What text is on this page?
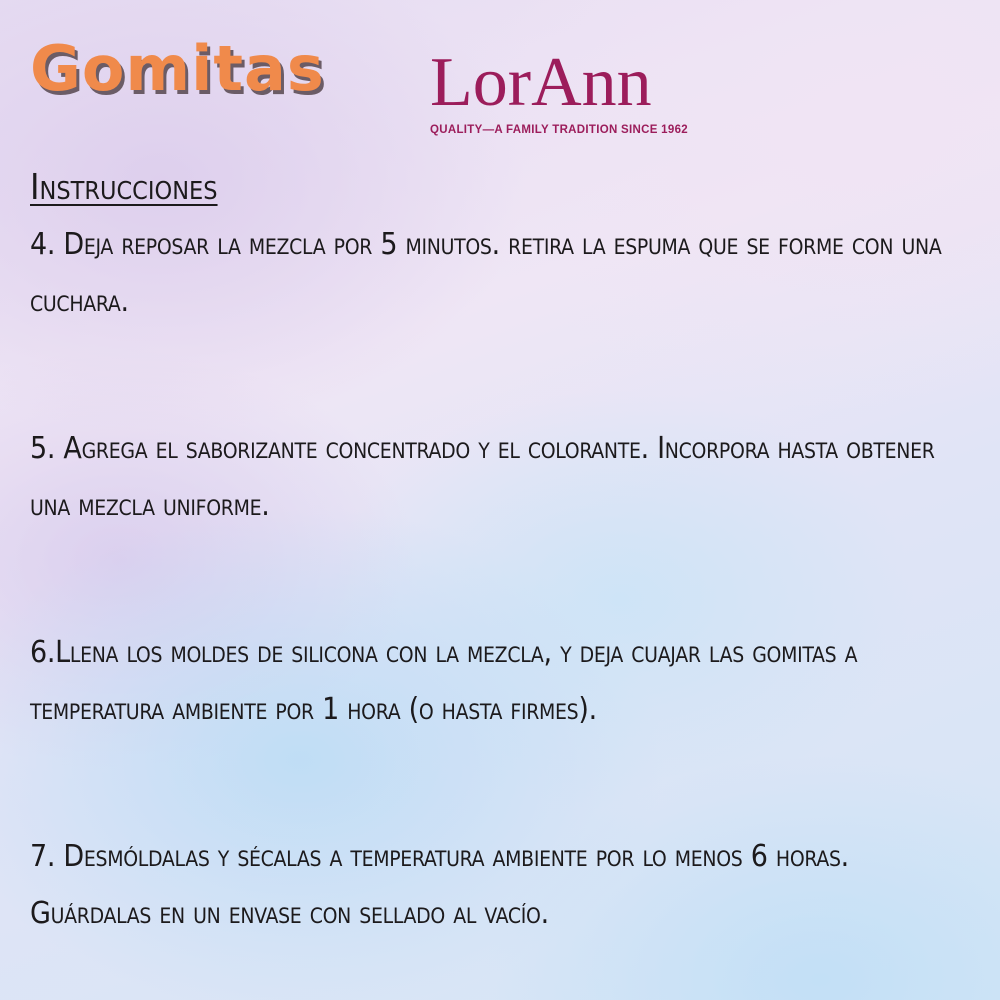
Gomitas LorAnn
QUALITY—A FAMILY TRADITION SINCE 1962
Instrucciones
4. Deja reposar la mezcla por 5 minutos. retira la espuma que se forme con una cuchara.
5. Agrega el saborizante concentrado y el colorante. Incorpora hasta obtener una mezcla uniforme.
6.Llena los moldes de silicona con la mezcla, y deja cuajar las gomitas a temperatura ambiente por 1 hora (o hasta firmes).
7. Desmóldalas y sécalas a temperatura ambiente por lo menos 6 horas. Guárdalas en un envase con sellado al vacío.
